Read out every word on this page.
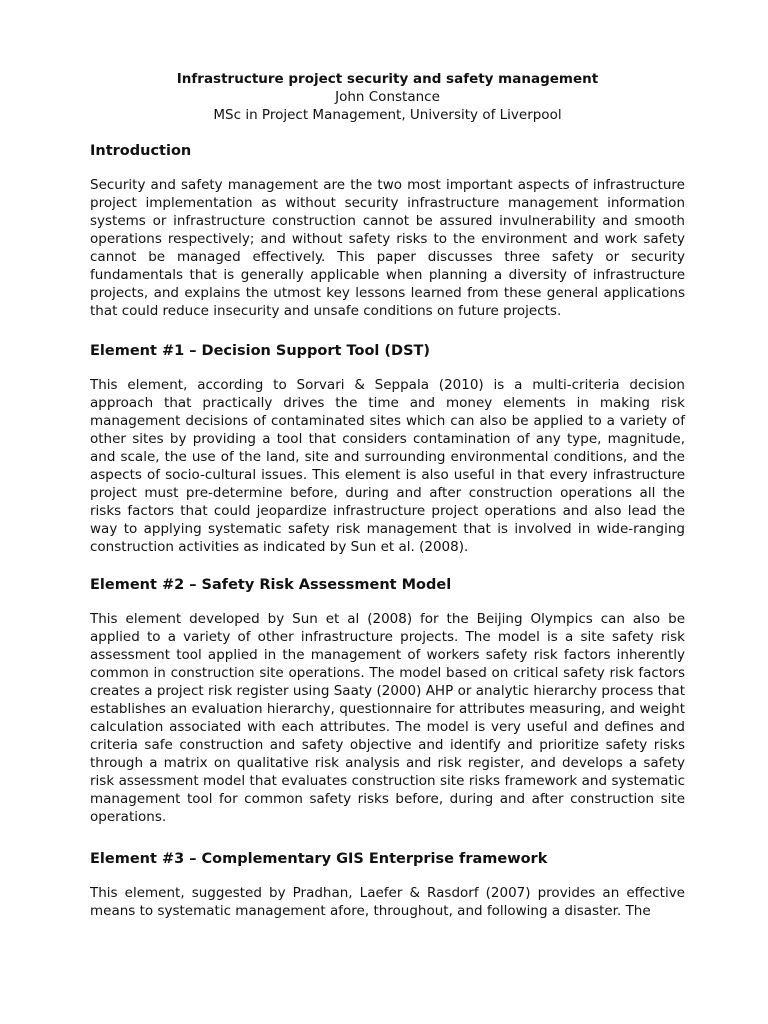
Infrastructure project security and safety management

John Constance

MSc in Project Management, University of Liverpool

Introduction

Security and safety management are the two most important aspects of infrastructure project implementation as without security infrastructure management information systems or infrastructure construction cannot be assured invulnerability and smooth operations respectively; and without safety risks to the environment and work safety cannot be managed effectively. This paper discusses three safety or security fundamentals that is generally applicable when planning a diversity of infrastructure projects, and explains the utmost key lessons learned from these general applications that could reduce insecurity and unsafe conditions on future projects.

Element #1 – Decision Support Tool (DST)

This element, according to Sorvari & Seppala (2010) is a multi-criteria decision approach that practically drives the time and money elements in making risk management decisions of contaminated sites which can also be applied to a variety of other sites by providing a tool that considers contamination of any type, magnitude, and scale, the use of the land, site and surrounding environmental conditions, and the aspects of socio-cultural issues. This element is also useful in that every infrastructure project must pre-determine before, during and after construction operations all the risks factors that could jeopardize infrastructure project operations and also lead the way to applying systematic safety risk management that is involved in wide-ranging construction activities as indicated by Sun et al. (2008).

Element #2 – Safety Risk Assessment Model

This element developed by Sun et al (2008) for the Beijing Olympics can also be applied to a variety of other infrastructure projects. The model is a site safety risk assessment tool applied in the management of workers safety risk factors inherently common in construction site operations. The model based on critical safety risk factors creates a project risk register using Saaty (2000) AHP or analytic hierarchy process that establishes an evaluation hierarchy, questionnaire for attributes measuring, and weight calculation associated with each attributes. The model is very useful and defines and criteria safe construction and safety objective and identify and prioritize safety risks through a matrix on qualitative risk analysis and risk register, and develops a safety risk assessment model that evaluates construction site risks framework and systematic management tool for common safety risks before, during and after construction site operations.

Element #3 – Complementary GIS Enterprise framework

This element, suggested by Pradhan, Laefer & Rasdorf (2007) provides an effective means to systematic management afore, throughout, and following a disaster. The
